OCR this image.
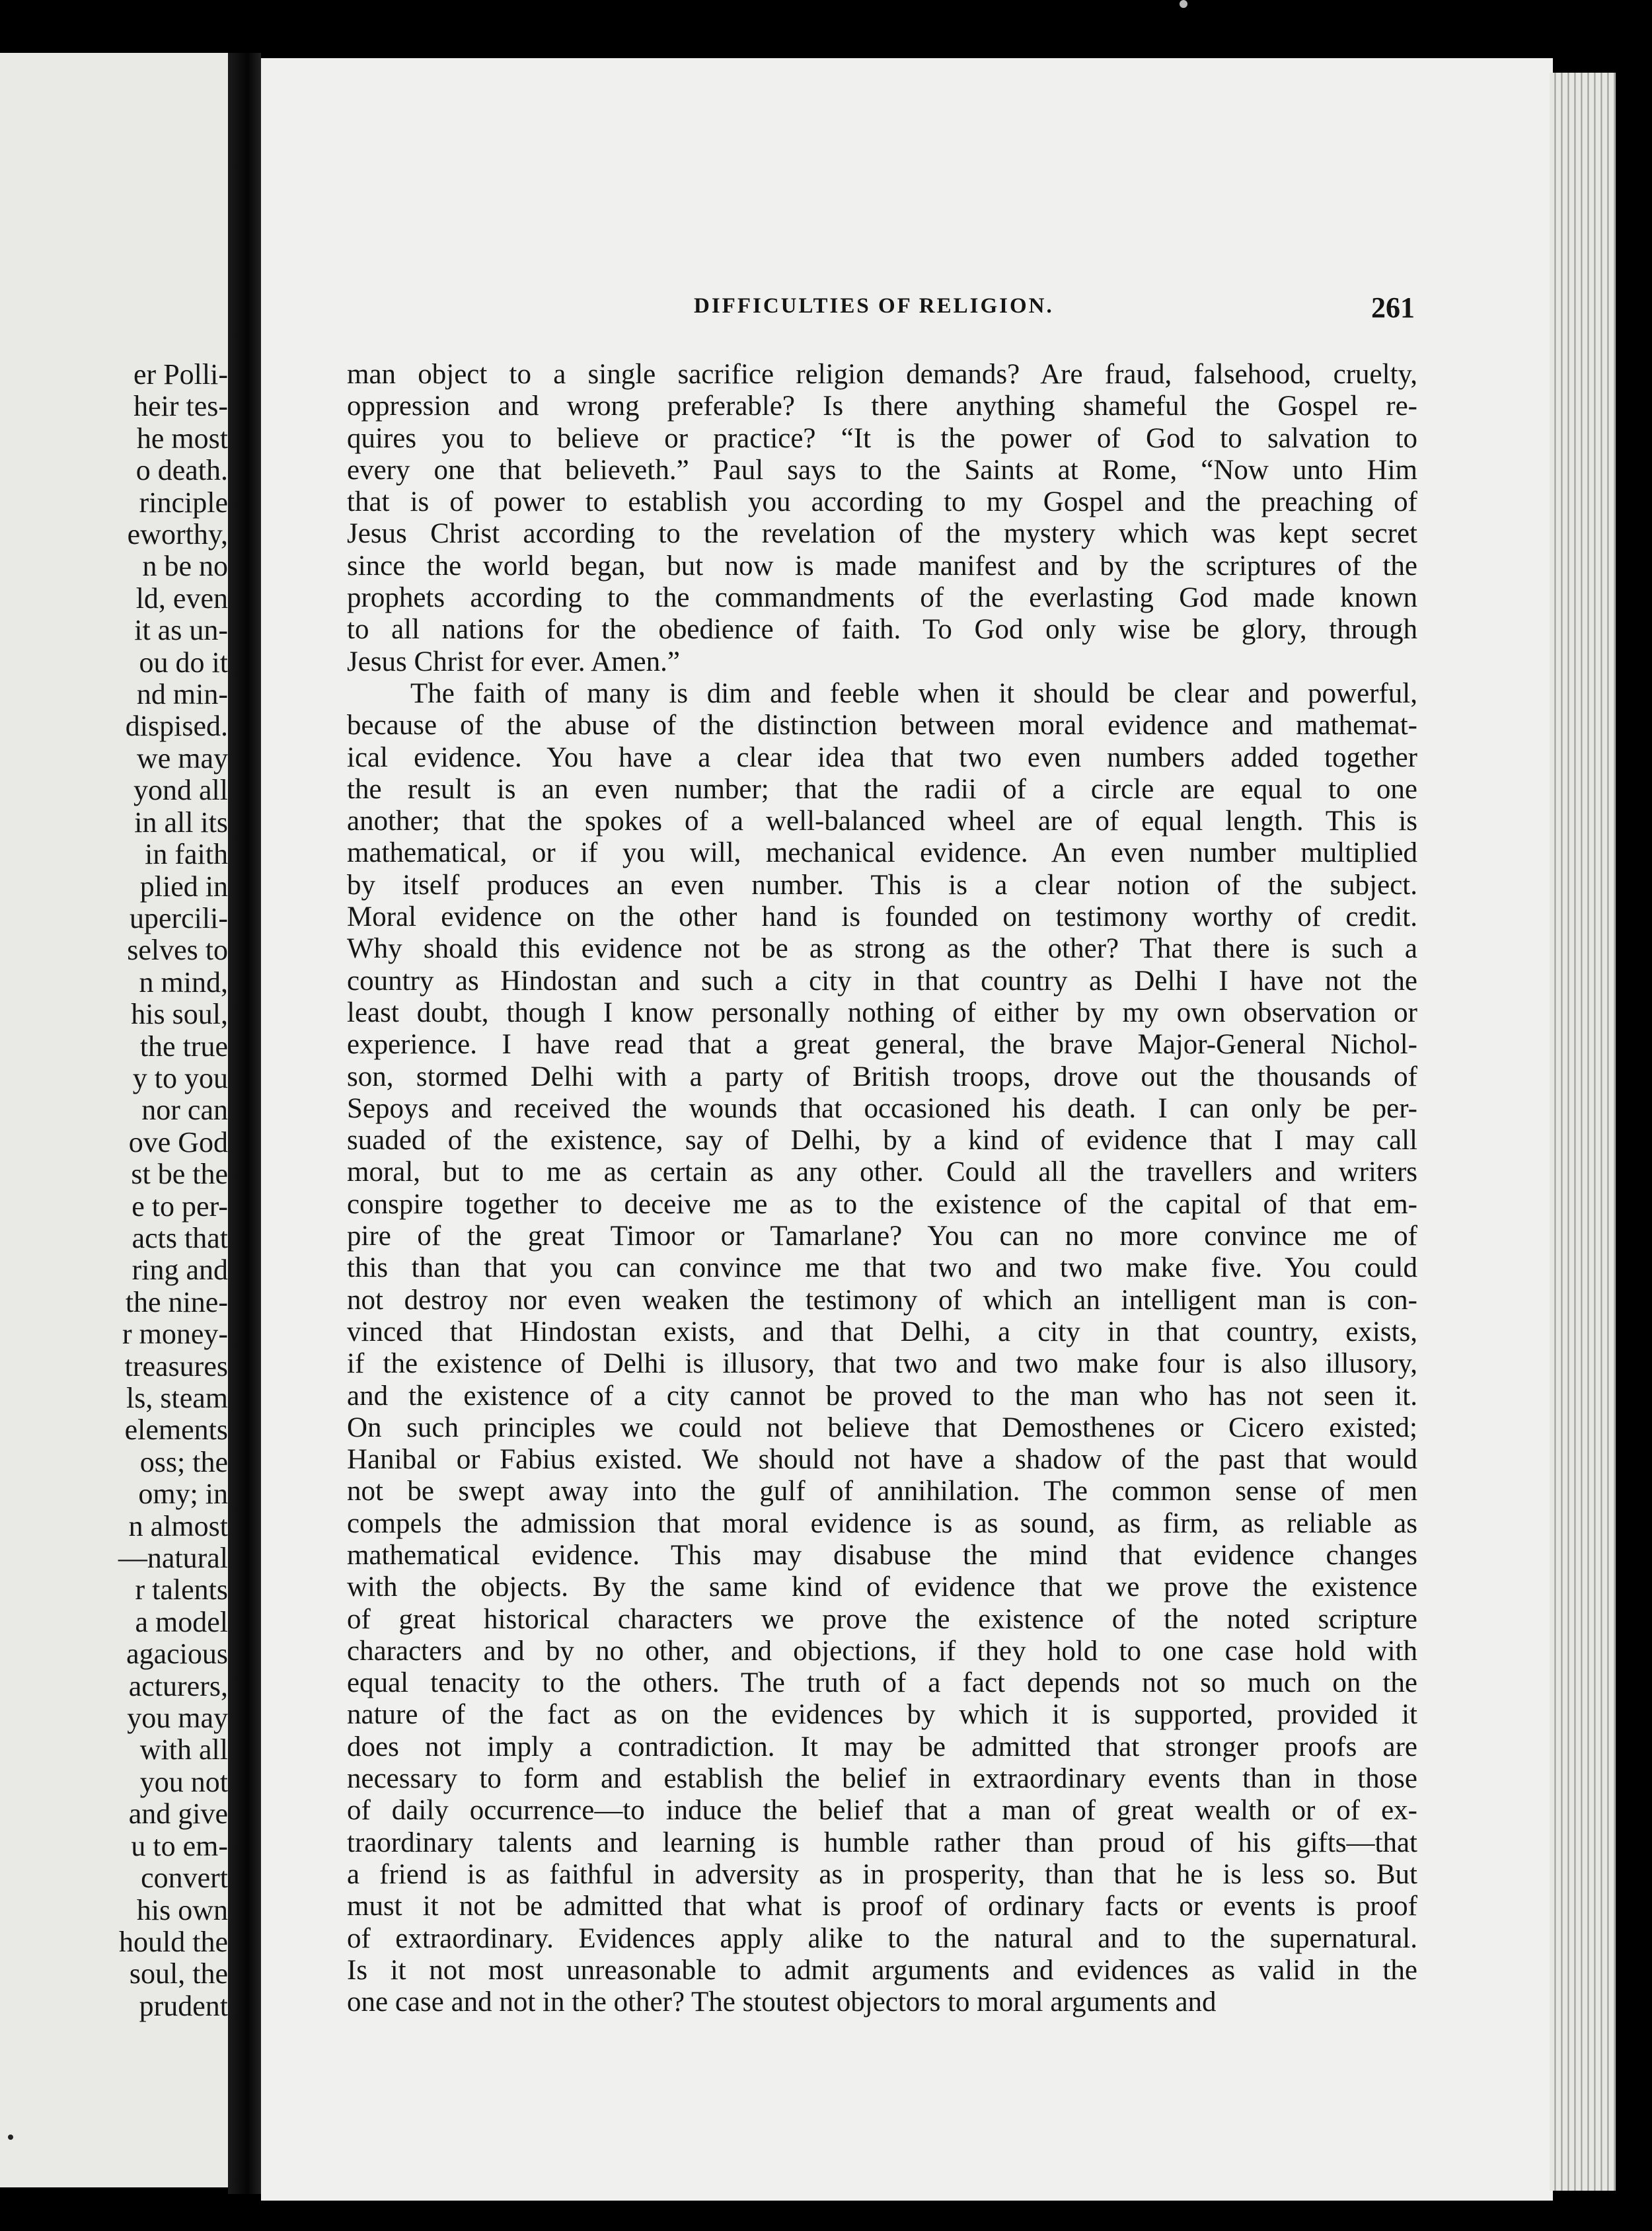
er Polli-
heir tes-
he most
o death.
rinciple
eworthy,
n be no
ld, even
it as un-
ou do it
nd min-
dispised.
we may
yond all
in all its
in faith
plied in
upercili-
selves to
n mind,
his soul,
the true
y to you
nor can
ove God
st be the
e to per-
acts that
ring and
the nine-
r money-
treasures
ls, steam
elements
oss; the
omy; in
n almost
—natural
r talents
a model
agacious
acturers,
you may
with all
you not
and give
u to em-
convert
his own
hould the
soul, the
prudent
DIFFICULTIES OF RELIGION.	261
man object to a single sacrifice religion demands? Are fraud, falsehood, cruelty,
oppression and wrong preferable? Is there anything shameful the Gospel re-
quires you to believe or practice? “It is the power of God to salvation to
every one that believeth.” Paul says to the Saints at Rome, “Now unto Him
that is of power to establish you according to my Gospel and the preaching of
Jesus Christ according to the revelation of the mystery which was kept secret
since the world began, but now is made manifest and by the scriptures of the
prophets according to the commandments of the everlasting God made known
to all nations for the obedience of faith. To God only wise be glory, through
Jesus Christ for ever. Amen.”
The faith of many is dim and feeble when it should be clear and powerful,
because of the abuse of the distinction between moral evidence and mathemat-
ical evidence. You have a clear idea that two even numbers added together
the result is an even number; that the radii of a circle are equal to one
another; that the spokes of a well-balanced wheel are of equal length. This is
mathematical, or if you will, mechanical evidence. An even number multiplied
by itself produces an even number. This is a clear notion of the subject.
Moral evidence on the other hand is founded on testimony worthy of credit.
Why shoald this evidence not be as strong as the other? That there is such a
country as Hindostan and such a city in that country as Delhi I have not the
least doubt, though I know personally nothing of either by my own observation or
experience. I have read that a great general, the brave Major-General Nichol-
son, stormed Delhi with a party of British troops, drove out the thousands of
Sepoys and received the wounds that occasioned his death. I can only be per-
suaded of the existence, say of Delhi, by a kind of evidence that I may call
moral, but to me as certain as any other. Could all the travellers and writers
conspire together to deceive me as to the existence of the capital of that em-
pire of the great Timoor or Tamarlane? You can no more convince me of
this than that you can convince me that two and two make five. You could
not destroy nor even weaken the testimony of which an intelligent man is con-
vinced that Hindostan exists, and that Delhi, a city in that country, exists,
if the existence of Delhi is illusory, that two and two make four is also illusory,
and the existence of a city cannot be proved to the man who has not seen it.
On such principles we could not believe that Demosthenes or Cicero existed;
Hanibal or Fabius existed. We should not have a shadow of the past that would
not be swept away into the gulf of annihilation. The common sense of men
compels the admission that moral evidence is as sound, as firm, as reliable as
mathematical evidence. This may disabuse the mind that evidence changes
with the objects. By the same kind of evidence that we prove the existence
of great historical characters we prove the existence of the noted scripture
characters and by no other, and objections, if they hold to one case hold with
equal tenacity to the others. The truth of a fact depends not so much on the
nature of the fact as on the evidences by which it is supported, provided it
does not imply a contradiction. It may be admitted that stronger proofs are
necessary to form and establish the belief in extraordinary events than in those
of daily occurrence—to induce the belief that a man of great wealth or of ex-
traordinary talents and learning is humble rather than proud of his gifts—that
a friend is as faithful in adversity as in prosperity, than that he is less so. But
must it not be admitted that what is proof of ordinary facts or events is proof
of extraordinary. Evidences apply alike to the natural and to the supernatural.
Is it not most unreasonable to admit arguments and evidences as valid in the
one case and not in the other? The stoutest objectors to moral arguments and
